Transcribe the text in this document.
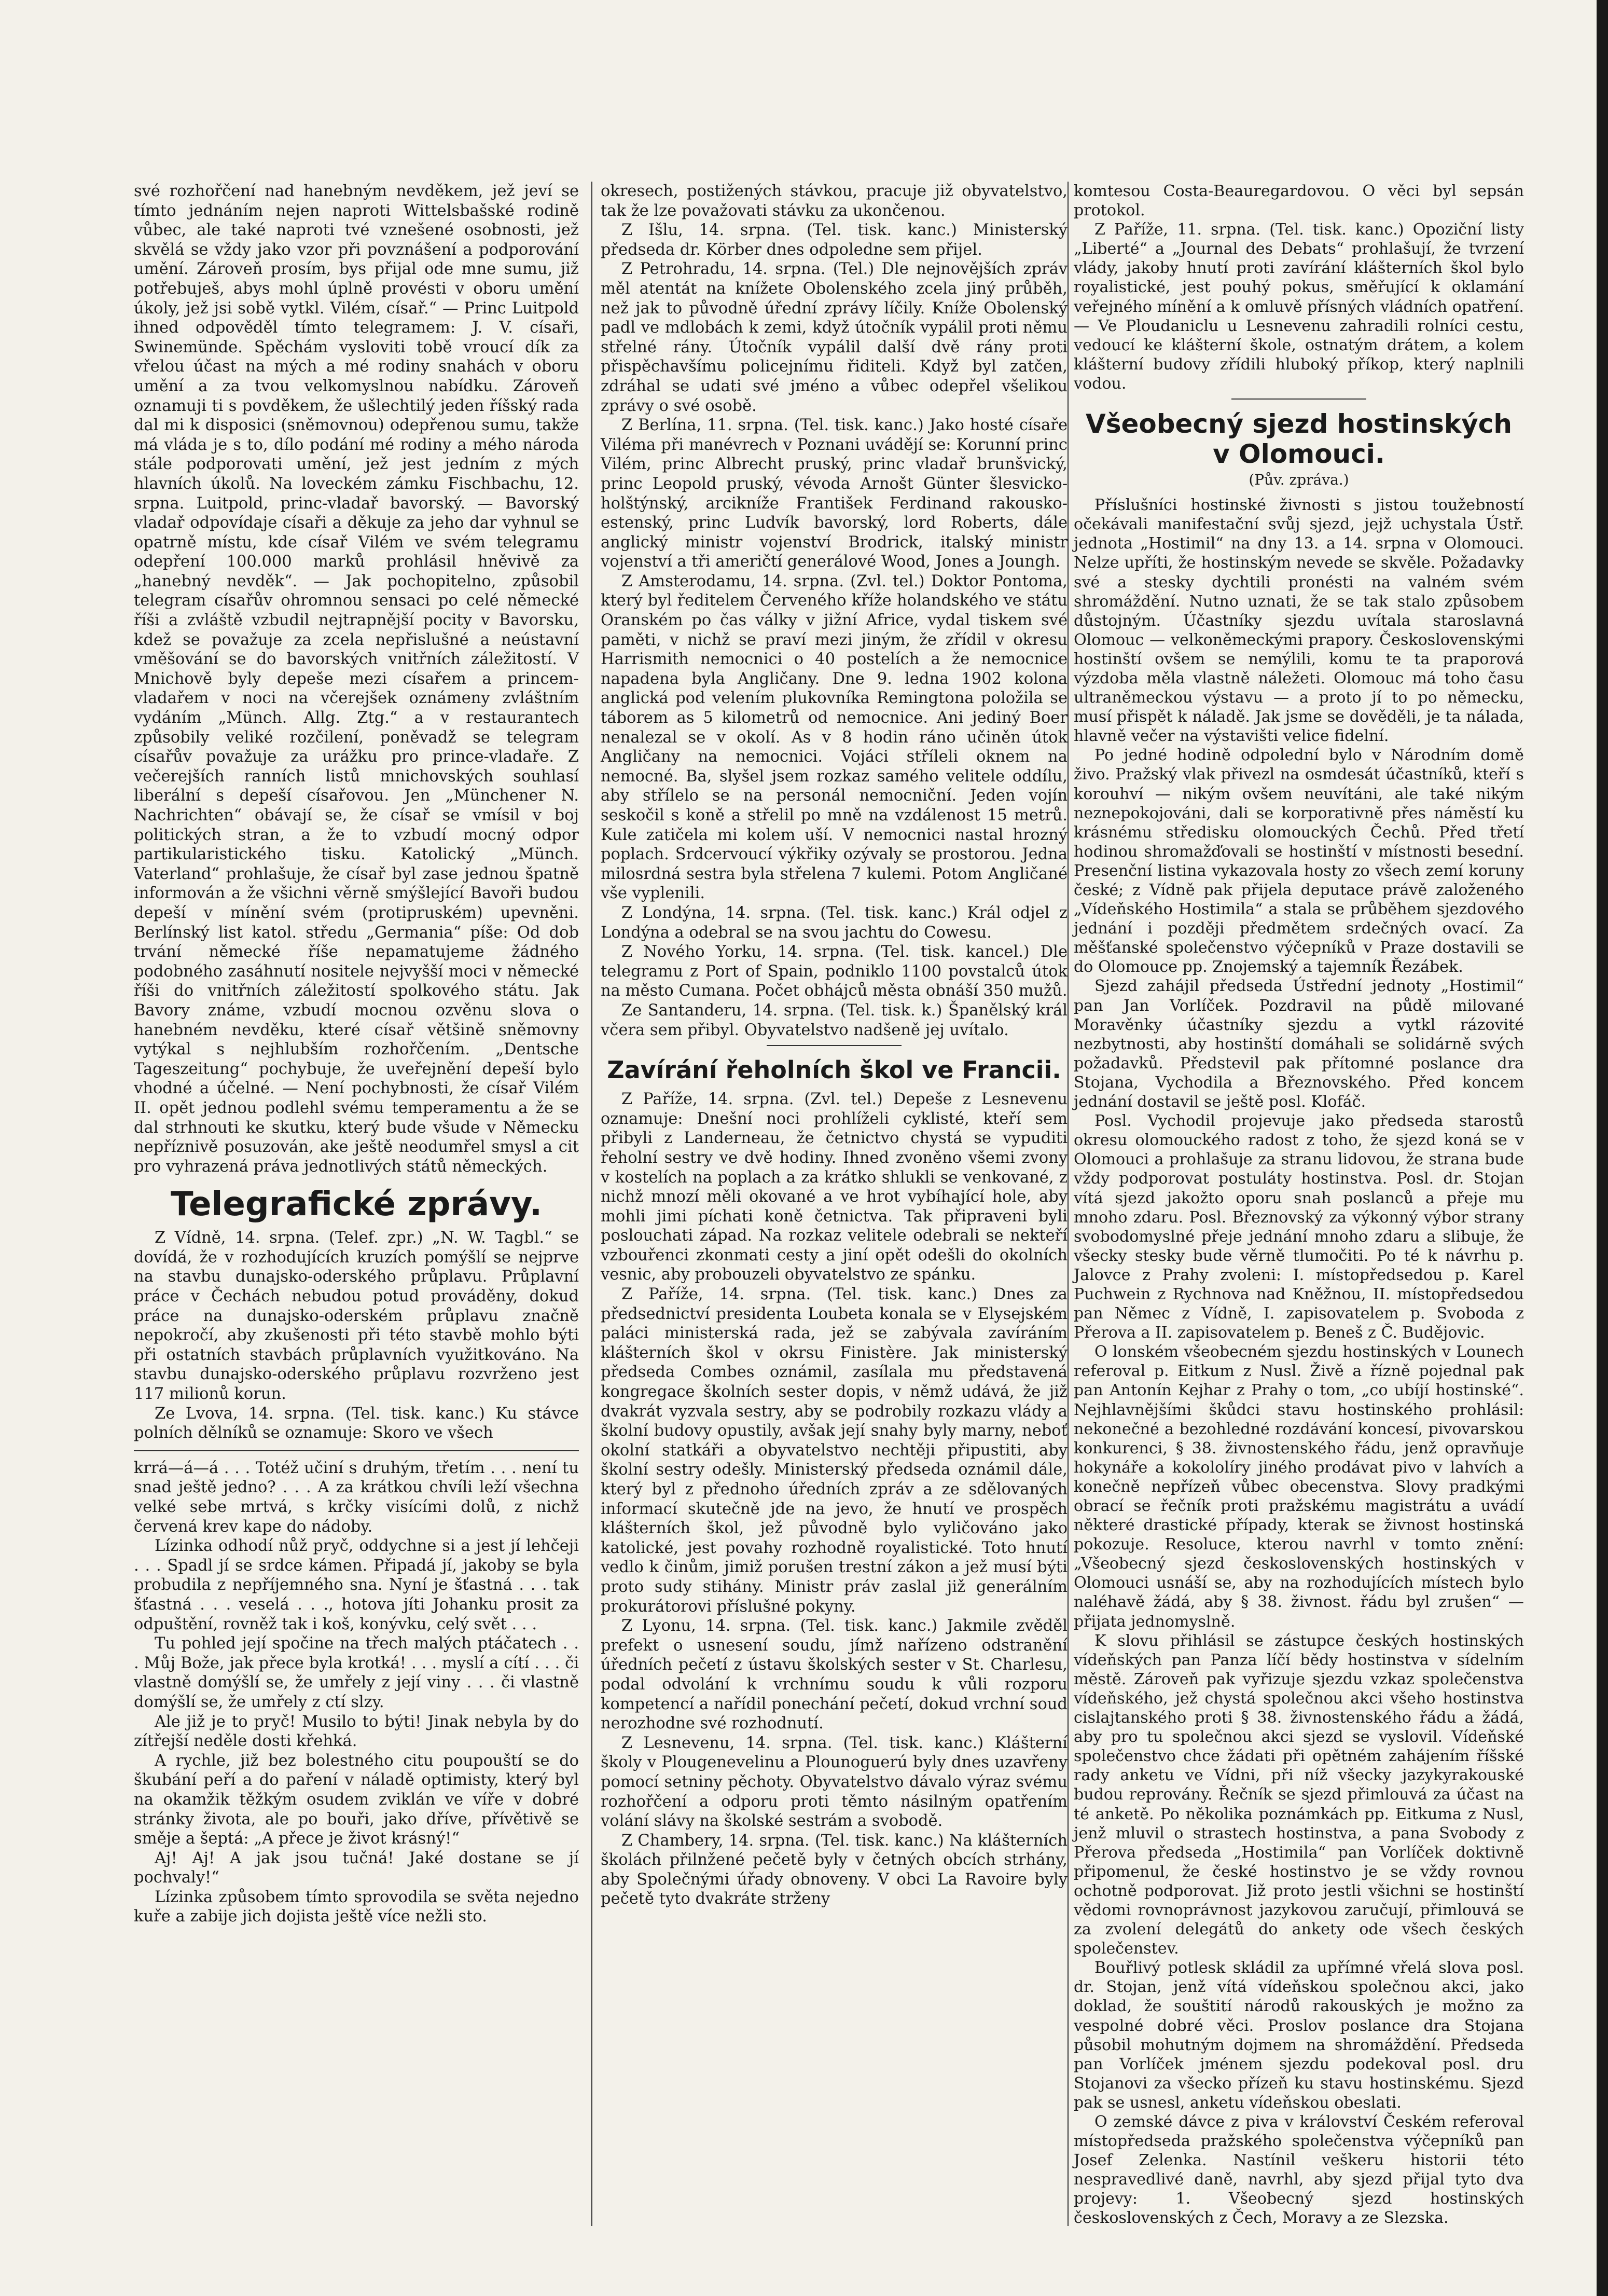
své rozhořčení nad hanebným nevděkem, jež jeví se tímto jednáním nejen naproti Wittelsbašské rodině vůbec, ale také naproti tvé vznešené osobnosti, jež skvělá se vždy jako vzor při povznášení a podporování umění. Zároveň prosím, bys přijal ode mne sumu, již potřebuješ, abys mohl úplně provésti v oboru umění úkoly, jež jsi sobě vytkl. Vilém, císař.“ — Princ Luitpold ihned odpověděl tímto telegramem: J. V. císaři, Swinemünde. Spěchám vysloviti tobě vroucí dík za vřelou účast na mých a mé rodiny snahách v oboru umění a za tvou velkomyslnou nabídku. Zároveň oznamuji ti s povděkem, že ušlechtilý jeden říšský rada dal mi k disposici (sněmovnou) odepřenou sumu, takže má vláda je s to, dílo podání mé rodiny a mého národa stále podporovati umění, jež jest jedním z mých hlavních úkolů. Na loveckém zámku Fischbachu, 12. srpna. Luitpold, princ-vladař bavorský. — Bavorský vladař odpovídaje císaři a děkuje za jeho dar vyhnul se opatrně místu, kde císař Vilém ve svém telegramu odepření 100.000 marků prohlásil hněvivě za „hanebný nevděk“. — Jak pochopitelno, způsobil telegram císařův ohromnou sensaci po celé německé říši a zvláště vzbudil nejtrapnější pocity v Bavorsku, kdež se považuje za zcela nepřislušné a neústavní vměšování se do bavorských vnitřních záležitostí. V Mnichově byly depeše mezi císařem a princem-vladařem v noci na včerejšek oznámeny zvláštním vydáním „Münch. Allg. Ztg.“ a v restaurantech způsobily veliké rozčilení, poněvadž se telegram císařův považuje za urážku pro prince-vladaře. Z večerejších ranních listů mnichovských souhlasí liberální s depeší císařovou. Jen „Münchener N. Nachrichten“ obávají se, že císař se vmísil v boj politických stran, a že to vzbudí mocný odpor partikularistického tisku. Katolický „Münch. Vaterland“ prohlašuje, že císař byl zase jednou špatně informován a že všichni věrně smýšlející Bavoři budou depeší v mínění svém (protipruském) upevněni. Berlínský list katol. středu „Germania“ píše: Od dob trvání německé říše nepamatujeme žádného podobného zasáhnutí nositele nejvyšší moci v německé říši do vnitřních záležitostí spolkového státu. Jak Bavory známe, vzbudí mocnou ozvěnu slova o hanebném nevděku, které císař většině sněmovny vytýkal s nejhlubším rozhořčením. „Dentsche Tageszeitung“ pochybuje, že uveřejnění depeší bylo vhodné a účelné. — Není pochybnosti, že císař Vilém II. opět jednou podlehl svému temperamentu a že se dal strhnouti ke skutku, který bude všude v Německu nepříznivě posuzován, ake ještě neodumřel smysl a cit pro vyhrazená práva jednotlivých států německých.

Telegrafické zprávy.

Z Vídně, 14. srpna. (Telef. zpr.) „N. W. Tagbl.“ se dovídá, že v rozhodujících kruzích pomýšlí se nejprve na stavbu dunajsko-oderského průplavu. Průplavní práce v Čechách nebudou potud prováděny, dokud práce na dunajsko-oderském průplavu značně nepokročí, aby zkušenosti při této stavbě mohlo býti při ostatních stavbách průplavních využitkováno. Na stavbu dunajsko-oderského průplavu rozvrženo jest 117 milionů korun.

Ze Lvova, 14. srpna. (Tel. tisk. kanc.) Ku stávce polních dělníků se oznamuje: Skoro ve všech

krrá—á—á . . . Totéž učiní s druhým, třetím . . . není tu snad ještě jedno? . . . A za krátkou chvíli leží všechna velké sebe mrtvá, s krčky visícími dolů, z nichž červená krev kape do nádoby.

Lízinka odhodí nůž pryč, oddychne si a jest jí lehčeji . . . Spadl jí se srdce kámen. Připadá jí, jakoby se byla probudila z nepříjemného sna. Nyní je šťastná . . . tak šťastná . . . veselá . . ., hotova jíti Johanku prosit za odpuštění, rovněž tak i koš, konývku, celý svět . . .

Tu pohled její spočine na třech malých ptáčatech . . . Můj Bože, jak přece byla krotká! . . . myslí a cítí . . . či vlastně domýšlí se, že umřely z její viny . . . či vlastně domýšlí se, že umřely z ctí slzy.

Ale již je to pryč! Musilo to býti! Jinak nebyla by do zítřejší neděle dosti křehká.

A rychle, již bez bolestného citu poupouští se do škubání peří a do paření v náladě optimisty, který byl na okamžik těžkým osudem zviklán ve víře v dobré stránky života, ale po bouři, jako dříve, přívětivě se směje a šeptá: „A přece je život krásný!“

Aj! Aj! A jak jsou tučná! Jaké dostane se jí pochvaly!“

Lízinka způsobem tímto sprovodila se světa nejedno kuře a zabije jich dojista ještě více nežli sto.

okresech, postižených stávkou, pracuje již obyvatelstvo, tak že lze považovati stávku za ukončenou.

Z Išlu, 14. srpna. (Tel. tisk. kanc.) Ministerský předseda dr. Körber dnes odpoledne sem přijel.

Z Petrohradu, 14. srpna. (Tel.) Dle nejnovějších zpráv měl atentát na knížete Obolenského zcela jiný průběh, než jak to původně úřední zprávy líčily. Kníže Obolenský padl ve mdlobách k zemi, když útočník vypálil proti němu střelné rány. Útočník vypálil další dvě rány proti přispěchavšímu policejnímu řiditeli. Když byl zatčen, zdráhal se udati své jméno a vůbec odepřel všelikou zprávy o své osobě.

Z Berlína, 11. srpna. (Tel. tisk. kanc.) Jako hosté císaře Viléma při manévrech v Poznani uvádějí se: Korunní princ Vilém, princ Albrecht pruský, princ vladař brunšvický, princ Leopold pruský, vévoda Arnošt Günter šlesvicko-holštýnský, arcikníže František Ferdinand rakousko-estenský, princ Ludvík bavorský, lord Roberts, dále anglický ministr vojenství Brodrick, italský ministr vojenství a tři američtí generálové Wood, Jones a Joungh.

Z Amsterodamu, 14. srpna. (Zvl. tel.) Doktor Pontoma, který byl ředitelem Červeného kříže holandského ve státu Oranském po čas války v jižní Africe, vydal tiskem své paměti, v nichž se praví mezi jiným, že zřídil v okresu Harrismith nemocnici o 40 postelích a že nemocnice napadena byla Angličany. Dne 9. ledna 1902 kolona anglická pod velením plukovníka Remingtona položila se táborem as 5 kilometrů od nemocnice. Ani jediný Boer nenalezal se v okolí. As v 8 hodin ráno učiněn útok Angličany na nemocnici. Vojáci stříleli oknem na nemocné. Ba, slyšel jsem rozkaz samého velitele oddílu, aby střílelo se na personál nemocniční. Jeden vojín seskočil s koně a střelil po mně na vzdálenost 15 metrů. Kule zatičela mi kolem uší. V nemocnici nastal hrozný poplach. Srdcervoucí výkřiky ozývaly se prostorou. Jedna milosrdná sestra byla střelena 7 kulemi. Potom Angličané vše vyplenili.

Z Londýna, 14. srpna. (Tel. tisk. kanc.) Král odjel z Londýna a odebral se na svou jachtu do Cowesu.

Z Nového Yorku, 14. srpna. (Tel. tisk. kancel.) Dle telegramu z Port of Spain, podniklo 1100 povstalců útok na město Cumana. Počet obhájců města obnáší 350 mužů.

Ze Santanderu, 14. srpna. (Tel. tisk. k.) Španělský král včera sem přibyl. Obyvatelstvo nadšeně jej uvítalo.

Zavírání řeholních škol ve Francii.

Z Paříže, 14. srpna. (Zvl. tel.) Depeše z Lesnevenu oznamuje: Dnešní noci prohlíželi cyklisté, kteří sem přibyli z Landerneau, že četnictvo chystá se vypuditi řeholní sestry ve dvě hodiny. Ihned zvoněno všemi zvony v kostelích na poplach a za krátko shlukli se venkované, z nichž mnozí měli okované a ve hrot vybíhající hole, aby mohli jimi píchati koně četnictva. Tak připraveni byli poslouchati západ. Na rozkaz velitele odebrali se nekteří vzbouřenci zkonmati cesty a jiní opět odešli do okolních vesnic, aby probouzeli obyvatelstvo ze spánku.

Z Paříže, 14. srpna. (Tel. tisk. kanc.) Dnes za předsednictví presidenta Loubeta konala se v Elysejském paláci ministerská rada, jež se zabývala zavíráním klášterních škol v okrsu Finistère. Jak ministerský předseda Combes oznámil, zasílala mu představená kongregace školních sester dopis, v němž udává, že již dvakrát vyzvala sestry, aby se podrobily rozkazu vlády a školní budovy opustily, avšak její snahy byly marny, neboť okolní statkáři a obyvatelstvo nechtěji připustiti, aby školní sestry odešly. Ministerský předseda oznámil dále, který byl z přednoho úředních zpráv a ze sdělovaných informací skutečně jde na jevo, že hnutí ve prospěch klášterních škol, jež původně bylo vyličováno jako katolické, jest povahy rozhodně royalistické. Toto hnutí vedlo k činům, jimiž porušen trestní zákon a jež musí býti proto sudy stihány. Ministr práv zaslal již generálním prokurátorovi příslušné pokyny.

Z Lyonu, 14. srpna. (Tel. tisk. kanc.) Jakmile zvěděl prefekt o usnesení soudu, jímž nařízeno odstranění úředních pečetí z ústavu školských sester v St. Charlesu, podal odvolání k vrchnímu soudu k vůli rozporu kompetencí a nařídil ponechání pečetí, dokud vrchní soud nerozhodne své rozhodnutí.

Z Lesnevenu, 14. srpna. (Tel. tisk. kanc.) Klášterní školy v Plougenevelinu a Plounoguerú byly dnes uzavřeny pomocí setniny pěchoty. Obyvatelstvo dávalo výraz svému rozhořčení a odporu proti těmto násilným opatřením volání slávy na školské sestrám a svobodě.

Z Chambery, 14. srpna. (Tel. tisk. kanc.) Na klášterních školách přilnžené pečetě byly v četných obcích strhány, aby Společnými úřady obnoveny. V obci La Ravoire byly pečetě tyto dvakráte strženy

komtesou Costa-Beauregardovou. O věci byl sepsán protokol.

Z Paříže, 11. srpna. (Tel. tisk. kanc.) Opoziční listy „Liberté“ a „Journal des Debats“ prohlašují, že tvrzení vlády, jakoby hnutí proti zavírání klášterních škol bylo royalistické, jest pouhý pokus, směřující k oklamání veřejného mínění a k omluvě přísných vládních opatření. — Ve Ploudaniclu u Lesnevenu zahradili rolníci cestu, vedoucí ke klášterní škole, ostnatým drátem, a kolem klášterní budovy zřídili hluboký příkop, který naplnili vodou.

Všeobecný sjezd hostinských v Olomouci.
(Pův. zpráva.)

Příslušníci hostinské živnosti s jistou toužebností očekávali manifestační svůj sjezd, jejž uchystala Ústř. jednota „Hostimil“ na dny 13. a 14. srpna v Olomouci. Nelze upříti, že hostinským nevede se skvěle. Požadavky své a stesky dychtili pronésti na valném svém shromáždění. Nutno uznati, že se tak stalo způsobem důstojným. Účastníky sjezdu uvítala staroslavná Olomouc — velkoněmeckými prapory. Československými hostinští ovšem se nemýlili, komu te ta praporová výzdoba měla vlastně náležeti. Olomouc má toho času ultraněmeckou výstavu — a proto jí to po německu, musí přispět k náladě. Jak jsme se dověděli, je ta nálada, hlavně večer na výstavišti velice fidelní.

Po jedné hodině odpolední bylo v Národním domě živo. Pražský vlak přivezl na osmdesát účastníků, kteří s korouhví — nikým ovšem neuvítáni, ale také nikým neznepokojováni, dali se korporativně přes náměstí ku krásnému středisku olomouckých Čechů. Před třetí hodinou shromažďovali se hostinští v místnosti besední. Presenční listina vykazovala hosty zo všech zemí koruny české; z Vídně pak přijela deputace právě založeného „Vídeňského Hostimila“ a stala se průběhem sjezdového jednání i později předmětem srdečných ovací. Za měšťanské společenstvo výčepníků v Praze dostavili se do Olomouce pp. Znojemský a tajemník Řezábek.

Sjezd zahájil předseda Ústřední jednoty „Hostimil“ pan Jan Vorlíček. Pozdravil na půdě milované Moravěnky účastníky sjezdu a vytkl rázovité nezbytnosti, aby hostinští domáhali se solidárně svých požadavků. Předstevil pak přítomné poslance dra Stojana, Vychodila a Březnovského. Před koncem jednání dostavil se ještě posl. Klofáč.

Posl. Vychodil projevuje jako předseda starostů okresu olomouckého radost z toho, že sjezd koná se v Olomouci a prohlašuje za stranu lidovou, že strana bude vždy podporovat postuláty hostinstva. Posl. dr. Stojan vítá sjezd jakožto oporu snah poslanců a přeje mu mnoho zdaru. Posl. Březnovský za výkonný výbor strany svobodomyslné přeje jednání mnoho zdaru a slibuje, že všecky stesky bude věrně tlumočiti. Po té k návrhu p. Jalovce z Prahy zvoleni: I. místopředsedou p. Karel Puchwein z Rychnova nad Kněžnou, II. místopředsedou pan Němec z Vídně, I. zapisovatelem p. Svoboda z Přerova a II. zapisovatelem p. Beneš z Č. Budějovic.

O lonském všeobecném sjezdu hostinských v Lounech referoval p. Eitkum z Nusl. Živě a řízně pojednal pak pan Antonín Kejhar z Prahy o tom, „co ubíjí hostinské“. Nejhlavnějšími škůdci stavu hostinského prohlásil: nekonečné a bezohledné rozdávání koncesí, pivovarskou konkurenci, § 38. živnostenského řádu, jenž opravňuje hokynáře a kokololíry jiného prodávat pivo v lahvích a konečně nepřízeň vůbec obecenstva. Slovy pradkými obrací se řečník proti pražskému magistrátu a uvádí některé drastické případy, kterak se živnost hostinská pokozuje. Resoluce, kterou navrhl v tomto znění: „Všeobecný sjezd československých hostinských v Olomouci usnáší se, aby na rozhodujících místech bylo naléhavě žádá, aby § 38. živnost. řádu byl zrušen“ — přijata jednomyslně.

K slovu přihlásil se zástupce českých hostinských vídeňských pan Panza líčí bědy hostinstva v sídelním městě. Zároveň pak vyřizuje sjezdu vzkaz společenstva vídeňského, jež chystá společnou akci všeho hostinstva cislajtanského proti § 38. živnostenského řádu a žádá, aby pro tu společnou akci sjezd se vyslovil. Vídeňské společenstvo chce žádati při opětném zahájením říšské rady anketu ve Vídni, při níž všecky jazykyrakouské budou reprovány. Řečník se sjezd přimlouvá za účast na té anketě. Po několika poznámkách pp. Eitkuma z Nusl, jenž mluvil o strastech hostinstva, a pana Svobody z Přerova předseda „Hostimila“ pan Vorlíček doktivně připomenul, že české hostinstvo je se vždy rovnou ochotně podporovat. Již proto jestli všichni se hostinští vědomi rovnoprávnost jazykovou zaručují, přimlouvá se za zvolení delegátů do ankety ode všech českých společenstev.

Bouřlivý potlesk skládil za upřímné vřelá slova posl. dr. Stojan, jenž vítá vídeňskou společnou akci, jako doklad, že souštití národů rakouských je možno za vespolné dobré věci. Proslov poslance dra Stojana působil mohutným dojmem na shromáždění. Předseda pan Vorlíček jménem sjezdu podekoval posl. dru Stojanovi za všecko přízeň ku stavu hostinskému. Sjezd pak se usnesl, anketu vídeňskou obeslati.

O zemské dávce z piva v království Českém referoval místopředseda pražského společenstva výčepníků pan Josef Zelenka. Nastínil veškeru historii této nespravedlivé daně, navrhl, aby sjezd přijal tyto dva projevy: 1. Všeobecný sjezd hostinských československých z Čech, Moravy a ze Slezska.
